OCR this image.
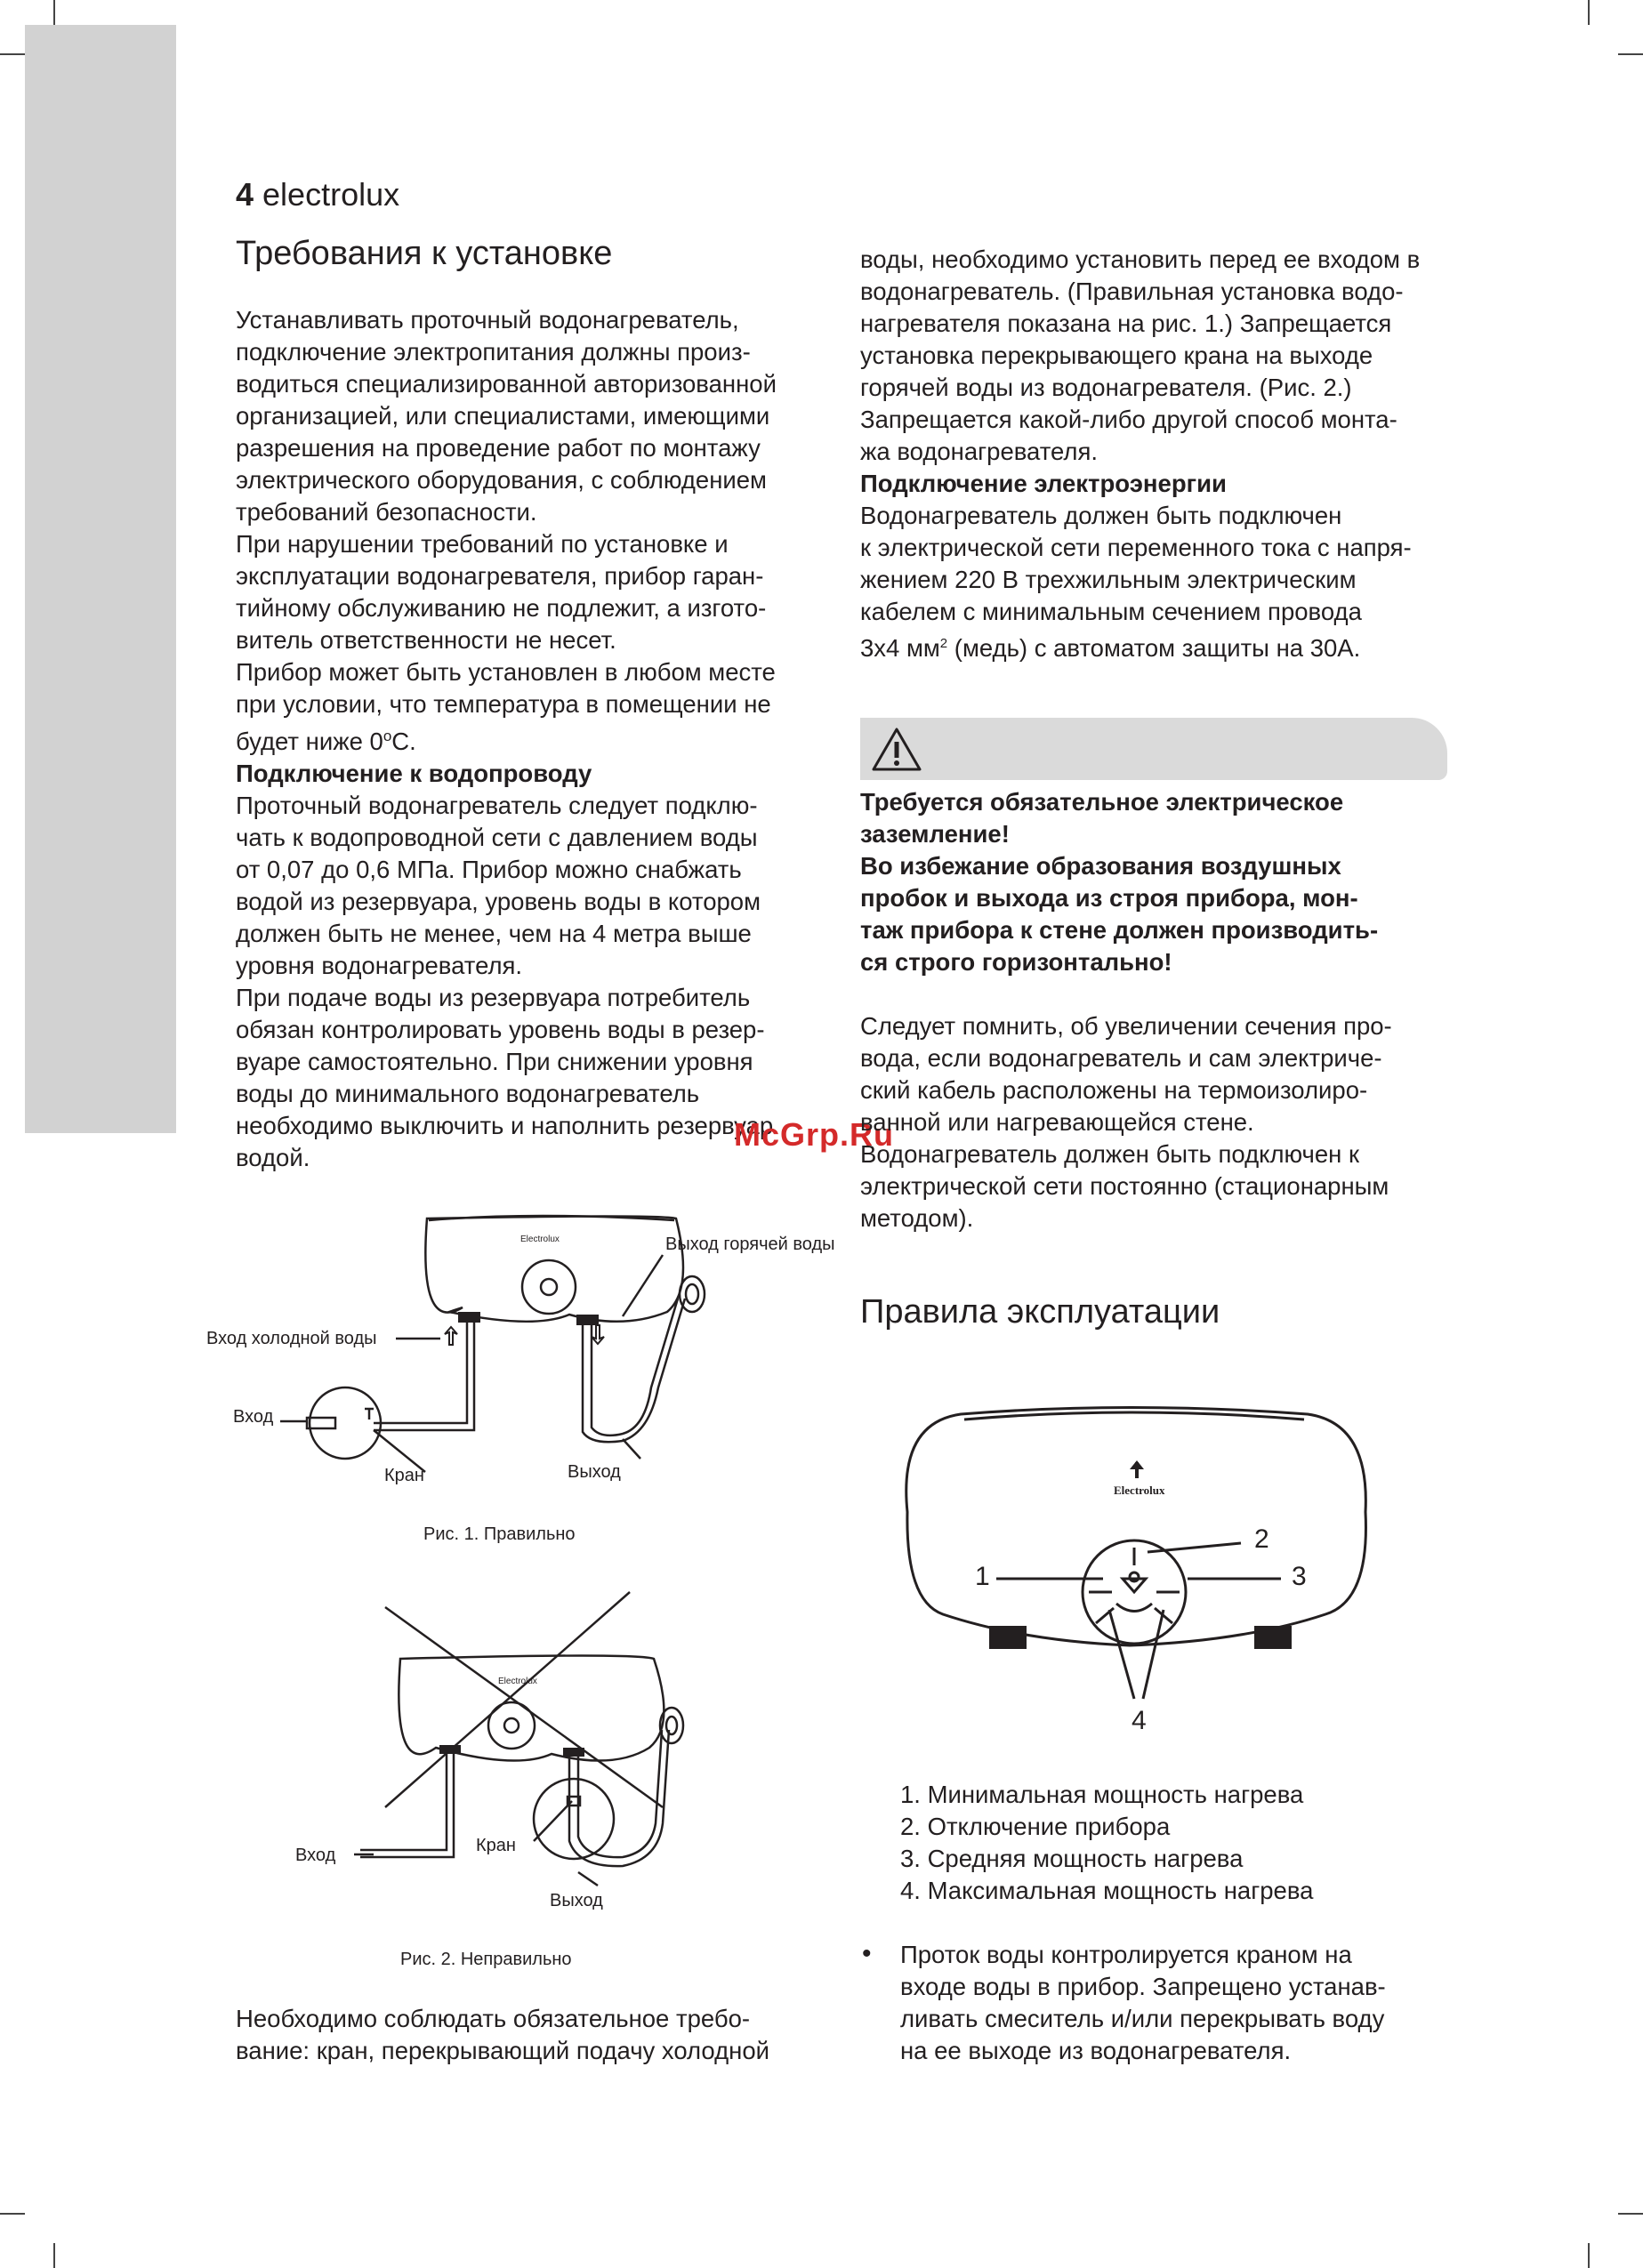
4 electrolux
Требования к установке

Устанавливать проточный водонагреватель,

подключение электропитания должны произ-

водиться специализированной авторизованной

организацией, или специалистами, имеющими

разрешения на проведение работ по монтажу

электрического оборудования, с соблюдением

требований безопасности.

При нарушении требований по установке и

эксплуатации водонагревателя, прибор гаран-

тийному обслуживанию не подлежит, а изгото-

витель ответственности не несет.

Прибор может быть установлен в любом месте

при условии, что температура в помещении не

будет ниже $0^оС$.

Подключение к водопроводу

Проточный водонагреватель следует подклю-

чать к водопроводной сети с давлением воды

от 0,07 до 0,6 МПа. Прибор можно снабжать

водой из резервуара, уровень воды в котором

должен быть не менее, чем на 4 метра выше

уровня водонагревателя.

При подаче воды из резервуара потребитель

обязан контролировать уровень воды в резер-

вуаре самостоятельно. При снижении уровня

воды до минимального водонагреватель

необходимо выключить и наполнить резервуар

водой.

McGrp.Ru
Electrolux	Выход горячей воды
Вход холодной воды
Вход
Кран	Выход
Рис. 1. Правильно
Electrolux
Вход	Кран
Выход
Рис. 2. Неправильно

Необходимо соблюдать обязательное требо-

вание: кран, перекрывающий подачу холодной

воды, необходимо установить перед ее входом в

водонагреватель. (Правильная установка водо-

нагревателя показана на рис. 1.) Запрещается

установка перекрывающего крана на выходе

горячей воды из водонагревателя. (Рис. 2.)

Запрещается какой-либо другой способ монта-

жа водонагревателя.

Подключение электроэнергии

Водонагреватель должен быть подключен

к электрической сети переменного тока с напря-

жением 220 В трехжильным электрическим

кабелем с минимальным сечением провода

3x4 $мм^2$ (медь) с автоматом защиты на 30А.

Требуется обязательное электрическое

заземление!

Во избежание образования воздушных

пробок и выхода из строя прибора, мон-

таж прибора к стене должен производить-

ся строго горизонтально!

Следует помнить, об увеличении сечения про-

вода, если водонагреватель и сам электриче-

ский кабель расположены на термоизолиро-

ванной или нагревающейся стене.

Водонагреватель должен быть подключен к

электрической сети постоянно (стационарным

методом).

Правила эксплуатации
Electrolux
1
2
3
4
1. Минимальная мощность нагрева
2. Отключение прибора
3. Средняя мощность нагрева
4. Максимальная мощность нагрева
• Проток воды контролируется краном на

входе воды в прибор. Запрещено устанав-

ливать смеситель и/или перекрывать воду

на ее выходе из водонагревателя.
